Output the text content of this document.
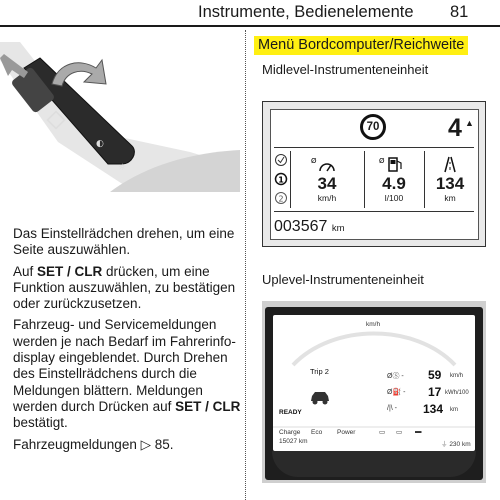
Instrumente, Bedienelemente 81
◐
☼

Das Einstellrädchen drehen, um eine Seite auszuwählen.

Auf SET / CLR drücken, um eine Funktion auszuwählen, zu bestätigen oder zurückzusetzen.

Fahrzeug- und Servicemeldungen werden je nach Bedarf im Fahrerinfo-display eingeblendet. Durch Drehen des Einstellrädchens durch die Meldungen blättern. Meldungen werden durch Drücken auf SET / CLR bestätigt.

Fahrzeugmeldungen ▷ 85.

Menü Bordcomputer/Reichweite
Midlevel-Instrumenteneinheit
70	4 ▲
1
2
Ø	Ø
34
km/h
4.9
l/100
134
km
003567 km
Uplevel-Instrumenteneinheit
km/h
Trip 2
READY
ØⓈ -
Ø⛽ -
/|\ -
59 km/h
17 kWh/100
134 km
Charge
15027 km
Eco Power	▭ ▭ ▬
⏚ 230 km
